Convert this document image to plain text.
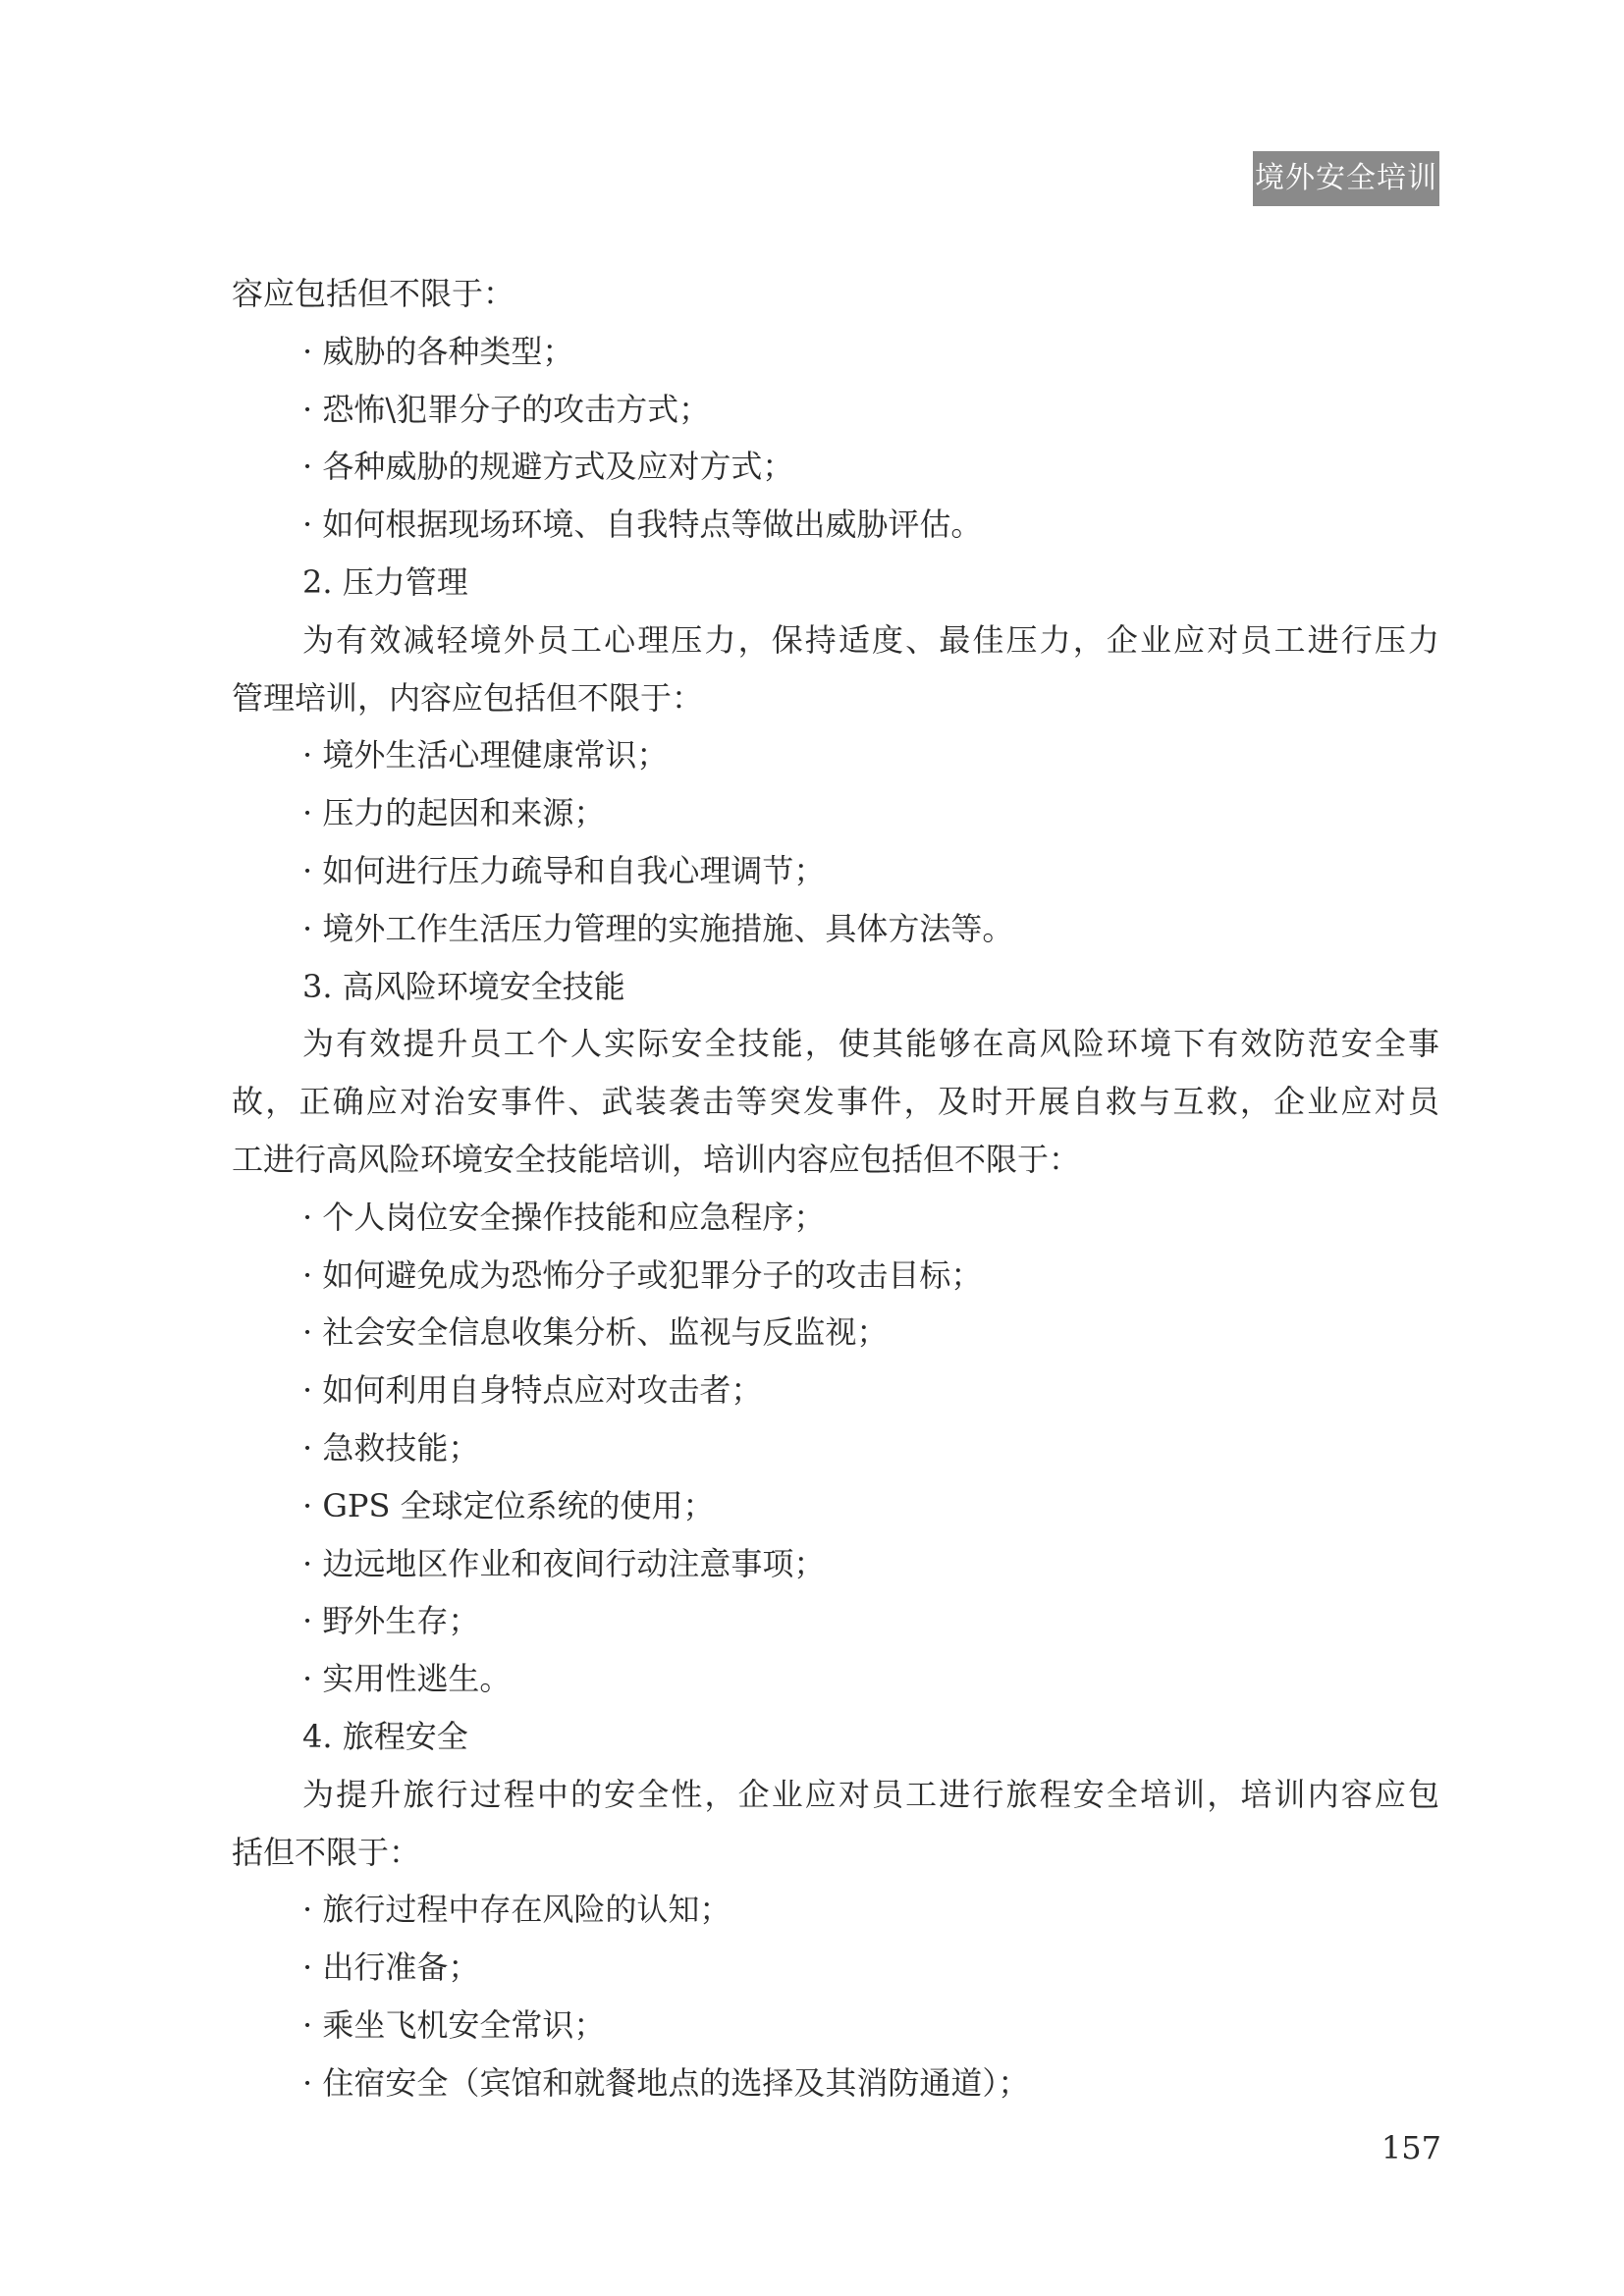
境外安全培训
容应包括但不限于：
· 威胁的各种类型；
· 恐怖\犯罪分子的攻击方式；
· 各种威胁的规避方式及应对方式；
· 如何根据现场环境、自我特点等做出威胁评估。
2. 压力管理
为有效减轻境外员工心理压力，保持适度、最佳压力，企业应对员工进行压力
管理培训，内容应包括但不限于：
· 境外生活心理健康常识；
· 压力的起因和来源；
· 如何进行压力疏导和自我心理调节；
· 境外工作生活压力管理的实施措施、具体方法等。
3. 高风险环境安全技能
为有效提升员工个人实际安全技能，使其能够在高风险环境下有效防范安全事
故，正确应对治安事件、武装袭击等突发事件，及时开展自救与互救，企业应对员
工进行高风险环境安全技能培训，培训内容应包括但不限于：
· 个人岗位安全操作技能和应急程序；
· 如何避免成为恐怖分子或犯罪分子的攻击目标；
· 社会安全信息收集分析、监视与反监视；
· 如何利用自身特点应对攻击者；
· 急救技能；
· GPS 全球定位系统的使用；
· 边远地区作业和夜间行动注意事项；
· 野外生存；
· 实用性逃生。
4. 旅程安全
为提升旅行过程中的安全性，企业应对员工进行旅程安全培训，培训内容应包
括但不限于：
· 旅行过程中存在风险的认知；
· 出行准备；
· 乘坐飞机安全常识；
· 住宿安全（宾馆和就餐地点的选择及其消防通道）；
157
